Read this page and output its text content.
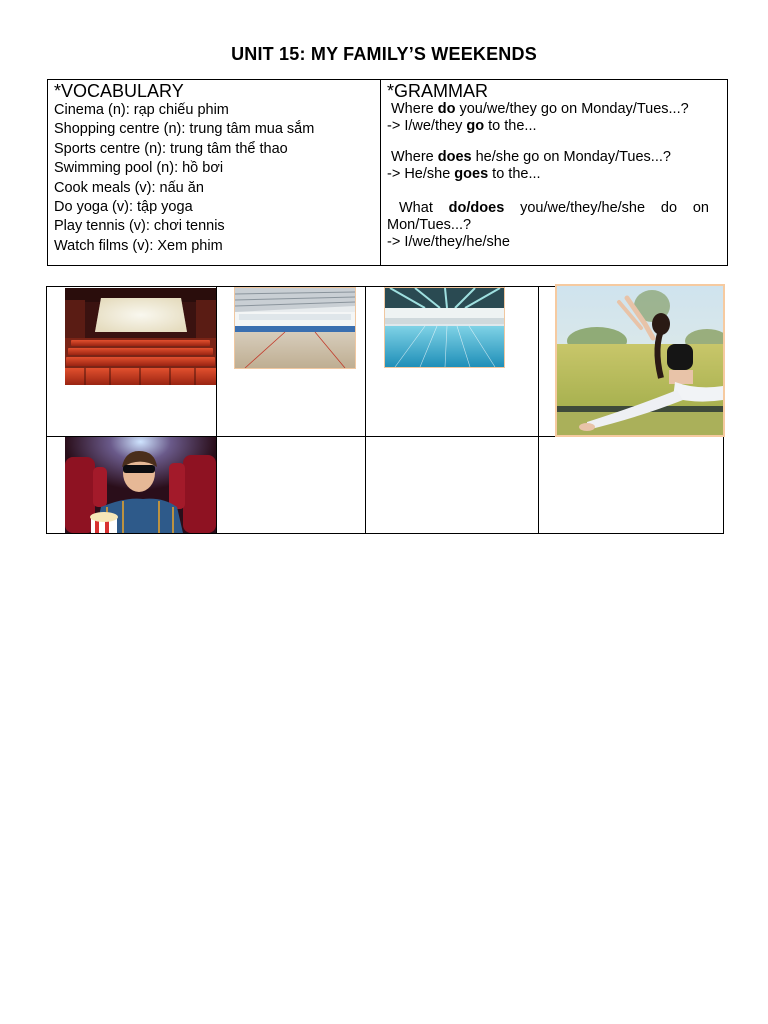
UNIT 15: MY FAMILY’S WEEKENDS
*VOCABULARY
Cinema (n): rạp chiếu phim
Shopping centre (n): trung tâm mua sắm
Sports centre (n): trung tâm thể thao
Swimming pool (n): hồ bơi
Cook meals (v): nấu ăn
Do yoga (v): tập yoga
Play tennis (v): chơi tennis
Watch films (v): Xem phim
*GRAMMAR

Where do you/we/they go on Monday/Tues...?

-> I/we/they go to the...

Where does he/she go on Monday/Tues...?

-> He/she goes to the...

What do/does you/we/they/he/she do on

Mon/Tues...?

-> I/we/they/he/she
